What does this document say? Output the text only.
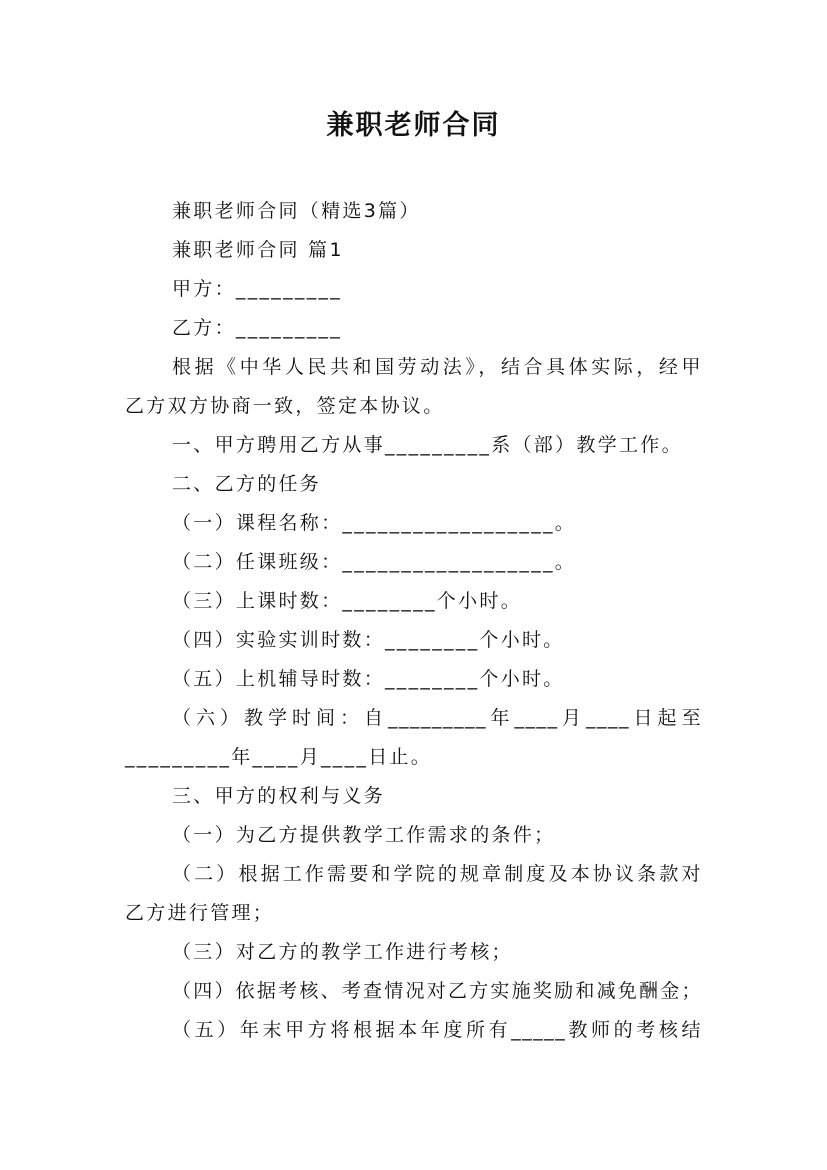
兼职老师合同
兼职老师合同（精选3篇）
兼职老师合同 篇1
甲方：_________
乙方：_________
根据《中华人民共和国劳动法》，结合具体实际，经甲
乙方双方协商一致，签定本协议。
一、甲方聘用乙方从事_________系（部）教学工作。
二、乙方的任务
（一）课程名称：__________________。
（二）任课班级：__________________。
（三）上课时数：________个小时。
（四）实验实训时数：________个小时。
（五）上机辅导时数：________个小时。
（六）教学时间：自_________年____月____日起至
_________年____月____日止。
三、甲方的权利与义务
（一）为乙方提供教学工作需求的条件；
（二）根据工作需要和学院的规章制度及本协议条款对
乙方进行管理；
（三）对乙方的教学工作进行考核；
（四）依据考核、考查情况对乙方实施奖励和减免酬金；
（五）年末甲方将根据本年度所有_____教师的考核结
